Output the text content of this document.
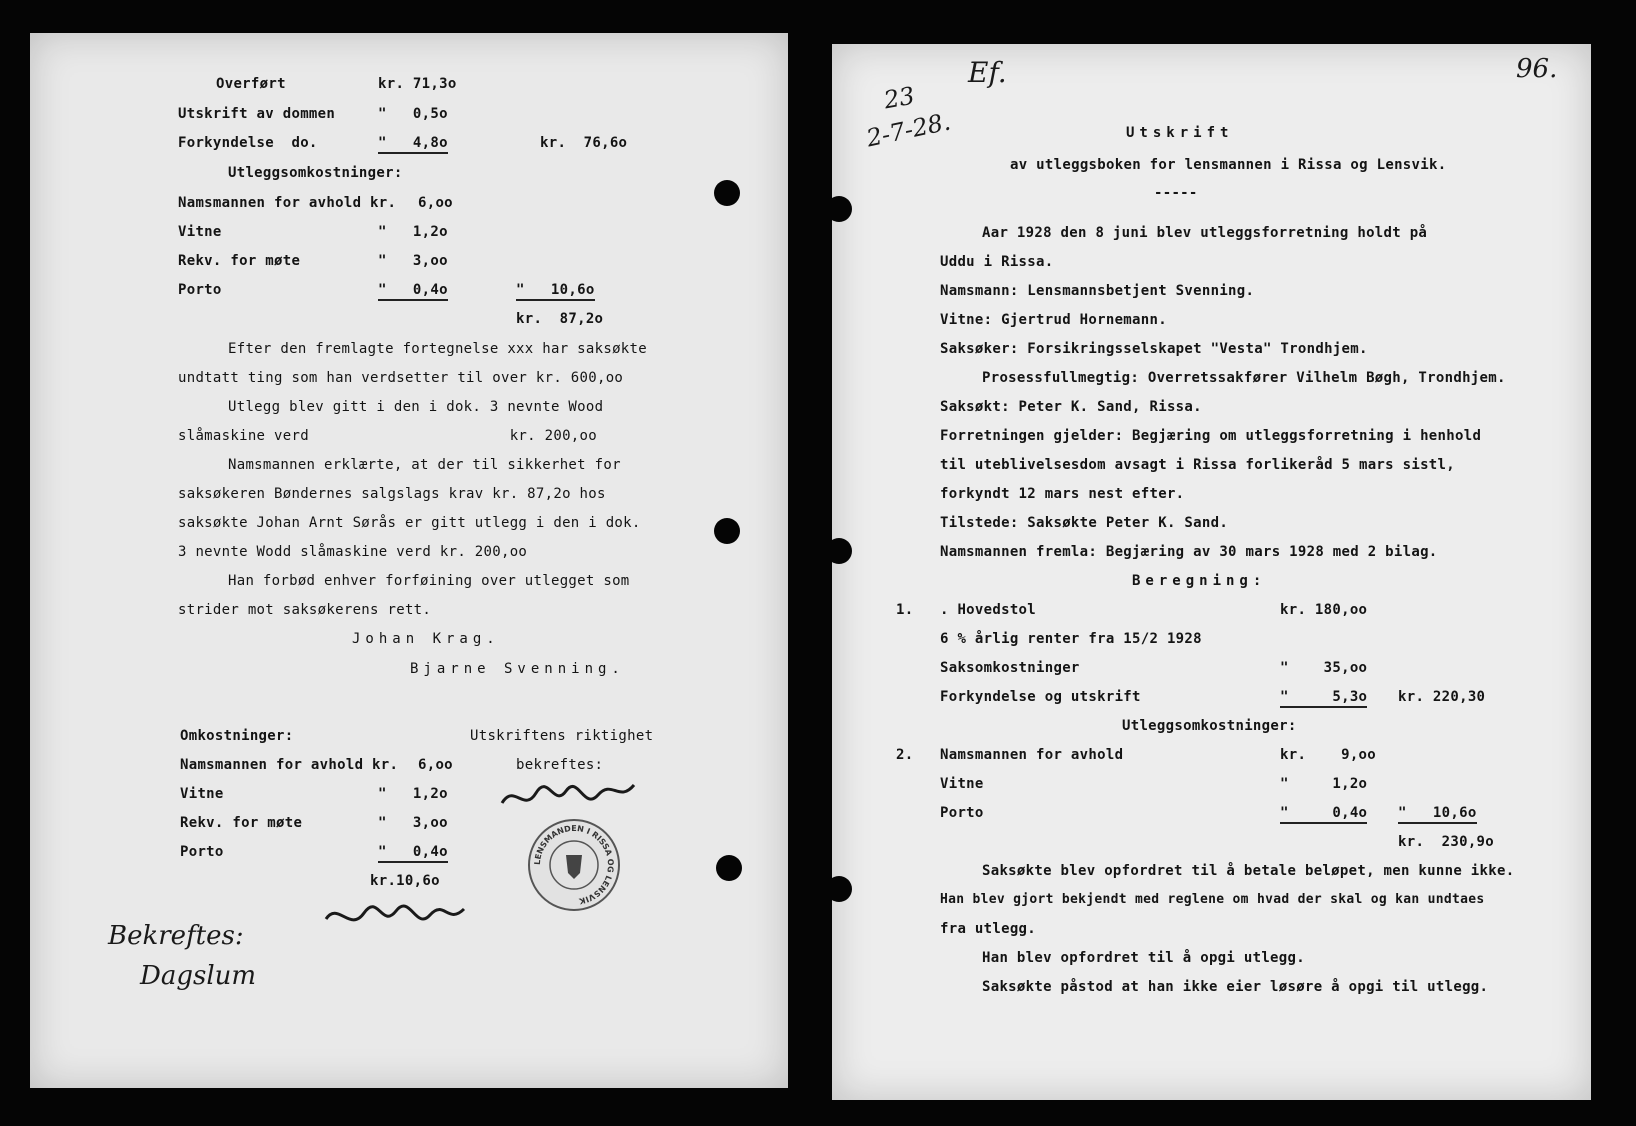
Overført	kr. 71,3o
Utskrift av dommen	"   0,5o
Forkyndelse  do.	"   4,8o	kr.  76,6o
Utleggsomkostninger:
Namsmannen for avhold kr. 6,oo
Vitne	"   1,2o
Rekv. for møte	"   3,oo
Porto	"   0,4o	"   10,6o
kr.  87,2o
Efter den fremlagte fortegnelse xxx har saksøkte
undtatt ting som han verdsetter til over kr. 600,oo
Utlegg blev gitt i den i dok. 3 nevnte Wood
slåmaskine verd                       kr. 200,oo
Namsmannen erklærte, at der til sikkerhet for
saksøkeren Bøndernes salgslags krav kr. 87,2o hos
saksøkte Johan Arnt Sørås er gitt utlegg i den i dok.
3 nevnte Wodd slåmaskine verd kr. 200,oo
Han forbød enhver forføining over utlegget som
strider mot saksøkerens rett.
Johan Krag.
Bjarne Svenning.
Omkostninger:
Namsmannen for avhold kr. 6,oo
Vitne	"   1,2o
Rekv. for møte	"   3,oo
Porto	"   0,4o
kr.10,6o
Utskriftens riktighet
bekreftes:
LENSMANDEN I RISSA OG LENSVIK
Bekreftes:
Dagslum
96.
23
2-7-28.
Ef.
Utskrift
av utleggsboken for lensmannen i Rissa og Lensvik.
-----
Aar 1928 den 8 juni blev utleggsforretning holdt på
Uddu i Rissa.
Namsmann: Lensmannsbetjent Svenning.
Vitne: Gjertrud Hornemann.
Saksøker: Forsikringsselskapet "Vesta" Trondhjem.
Prosessfullmegtig: Overretssakfører Vilhelm Bøgh, Trondhjem.
Saksøkt: Peter K. Sand, Rissa.
Forretningen gjelder: Begjæring om utleggsforretning i henhold
til uteblivelsesdom avsagt i Rissa forlikeråd 5 mars sistl,
forkyndt 12 mars nest efter.
Tilstede: Saksøkte Peter K. Sand.
Namsmannen fremla: Begjæring av 30 mars 1928 med 2 bilag.
Beregning:
1. . Hovedstol	kr. 180,oo
6 % årlig renter fra 15/2 1928
Saksomkostninger	"    35,oo
Forkyndelse og utskrift	"     5,3o kr. 220,30
Utleggsomkostninger:
2. Namsmannen for avhold	kr.    9,oo
Vitne	"     1,2o
Porto	"     0,4o "   10,6o
kr.  230,9o
Saksøkte blev opfordret til å betale beløpet, men kunne ikke.
Han blev gjort bekjendt med reglene om hvad der skal og kan undtaes
fra utlegg.
Han blev opfordret til å opgi utlegg.
Saksøkte påstod at han ikke eier løsøre å opgi til utlegg.
